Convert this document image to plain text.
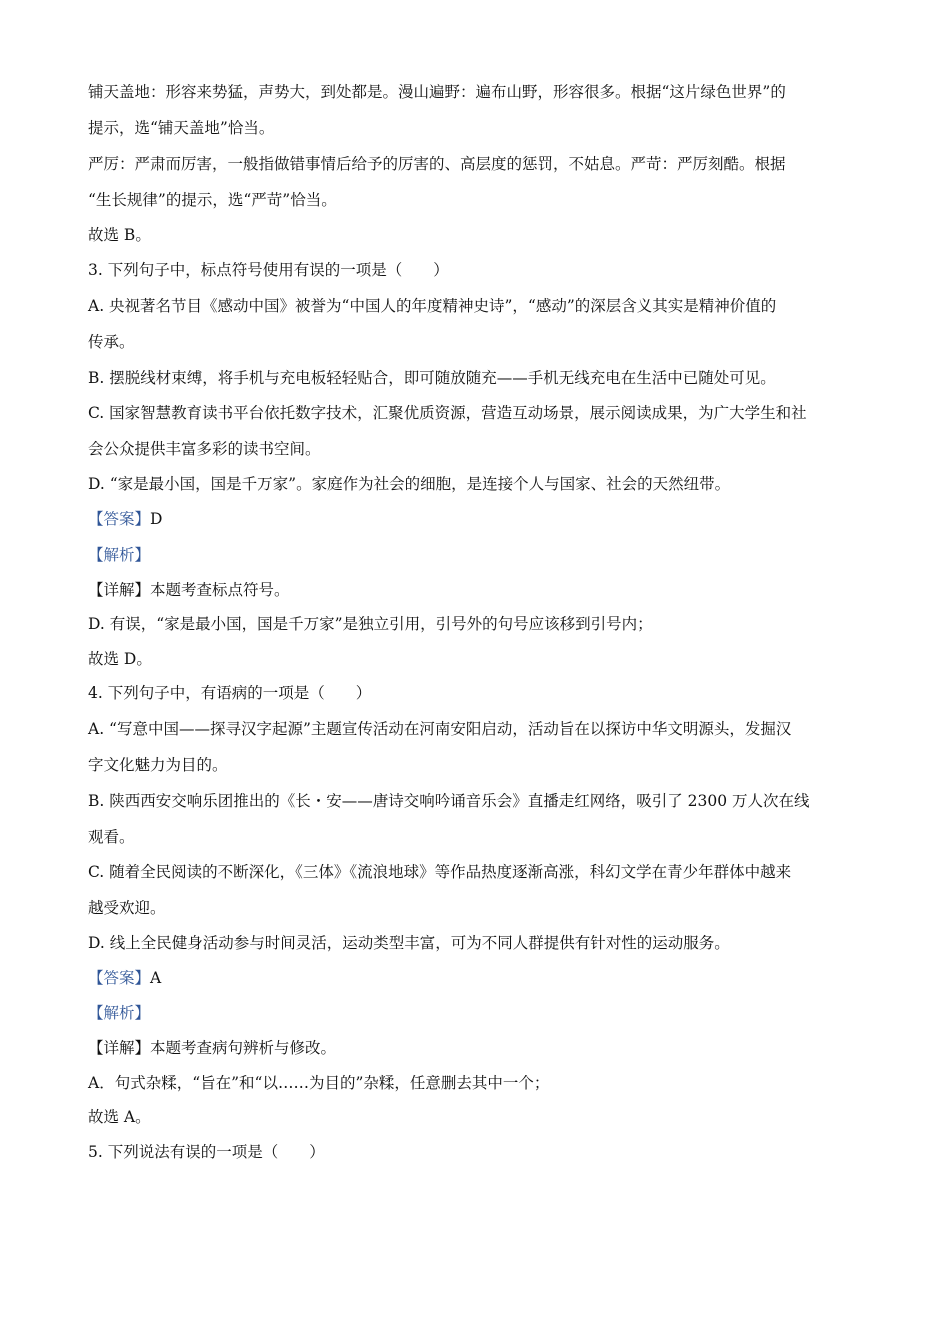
铺天盖地：形容来势猛，声势大，到处都是。漫山遍野：遍布山野，形容很多。根据“这片绿色世界”的
提示，选“铺天盖地”恰当。
严厉：严肃而厉害，一般指做错事情后给予的厉害的、高层度的惩罚，不姑息。严苛：严厉刻酷。根据
“生长规律”的提示，选“严苛”恰当。
故选 B。
3. 下列句子中，标点符号使用有误的一项是（　　）
A. 央视著名节目《感动中国》被誉为“中国人的年度精神史诗”，“感动”的深层含义其实是精神价值的
传承。
B. 摆脱线材束缚，将手机与充电板轻轻贴合，即可随放随充——手机无线充电在生活中已随处可见。
C. 国家智慧教育读书平台依托数字技术，汇聚优质资源，营造互动场景，展示阅读成果，为广大学生和社
会公众提供丰富多彩的读书空间。
D. “家是最小国，国是千万家”。家庭作为社会的细胞，是连接个人与国家、社会的天然纽带。
【答案】D
【解析】
【详解】本题考查标点符号。
D. 有误，“家是最小国，国是千万家”是独立引用，引号外的句号应该移到引号内；
故选 D。
4. 下列句子中，有语病的一项是（　　）
A. “写意中国——探寻汉字起源”主题宣传活动在河南安阳启动，活动旨在以探访中华文明源头，发掘汉
字文化魅力为目的。
B. 陕西西安交响乐团推出的《长・安——唐诗交响吟诵音乐会》直播走红网络，吸引了 2300 万人次在线
观看。
C. 随着全民阅读的不断深化，《三体》《流浪地球》等作品热度逐渐高涨，科幻文学在青少年群体中越来
越受欢迎。
D. 线上全民健身活动参与时间灵活，运动类型丰富，可为不同人群提供有针对性的运动服务。
【答案】A
【解析】
【详解】本题考查病句辨析与修改。
A．句式杂糅，“旨在”和“以……为目的”杂糅，任意删去其中一个；
故选 A。
5. 下列说法有误的一项是（　　）
